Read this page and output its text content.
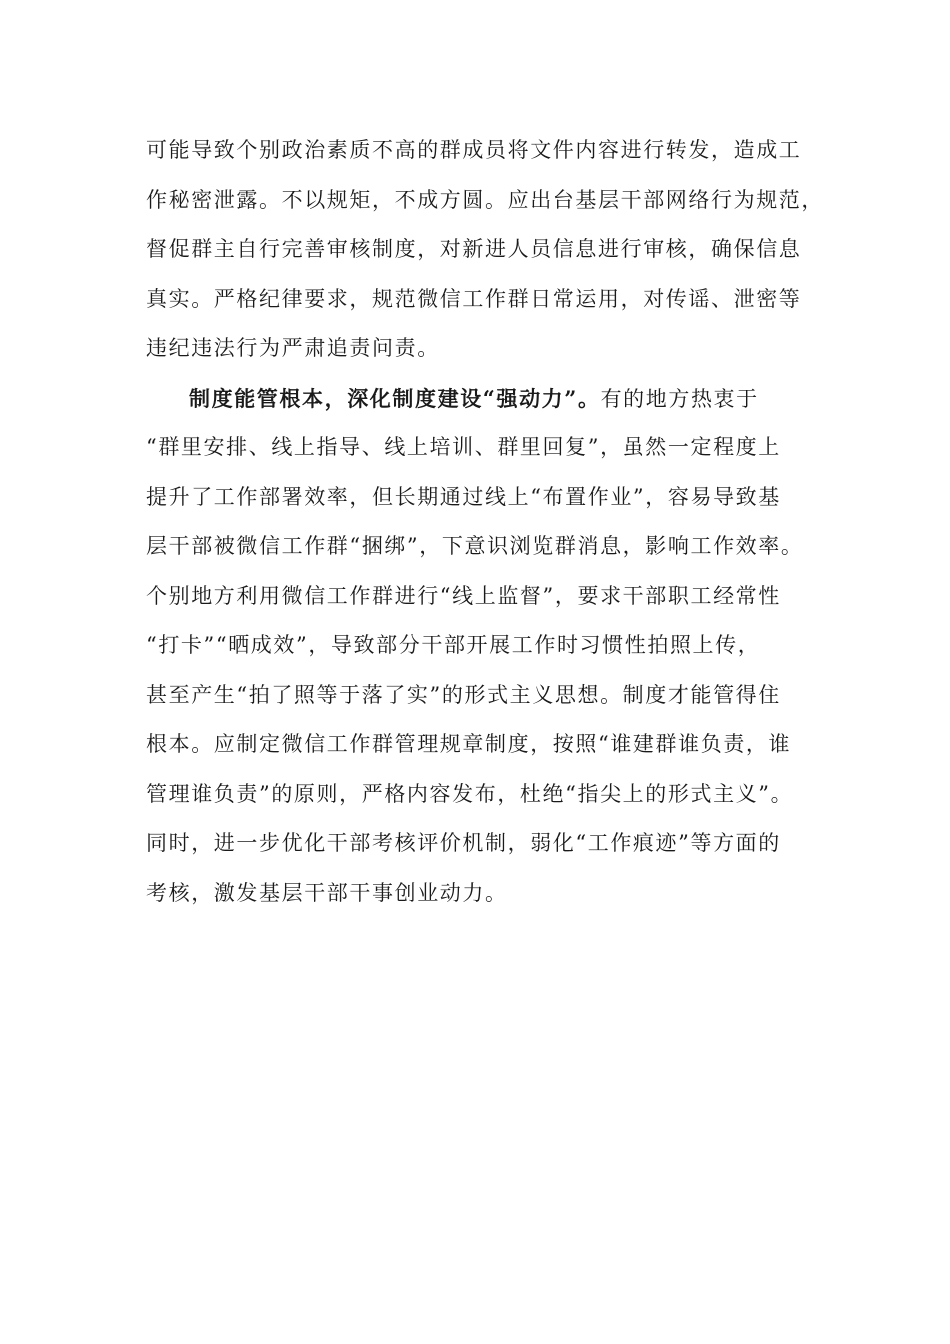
可能导致个别政治素质不高的群成员将文件内容进行转发，造成工
作秘密泄露。不以规矩，不成方圆。应出台基层干部网络行为规范，
督促群主自行完善审核制度，对新进人员信息进行审核，确保信息
真实。严格纪律要求，规范微信工作群日常运用，对传谣、泄密等
违纪违法行为严肃追责问责。
制度能管根本，深化制度建设“强动力”。有的地方热衷于
“群里安排、线上指导、线上培训、群里回复”，虽然一定程度上
提升了工作部署效率，但长期通过线上“布置作业”，容易导致基
层干部被微信工作群“捆绑”，下意识浏览群消息，影响工作效率。
个别地方利用微信工作群进行“线上监督”，要求干部职工经常性
“打卡”“晒成效”，导致部分干部开展工作时习惯性拍照上传，
甚至产生“拍了照等于落了实”的形式主义思想。制度才能管得住
根本。应制定微信工作群管理规章制度，按照“谁建群谁负责，谁
管理谁负责”的原则，严格内容发布，杜绝“指尖上的形式主义”。
同时，进一步优化干部考核评价机制，弱化“工作痕迹”等方面的
考核，激发基层干部干事创业动力。
